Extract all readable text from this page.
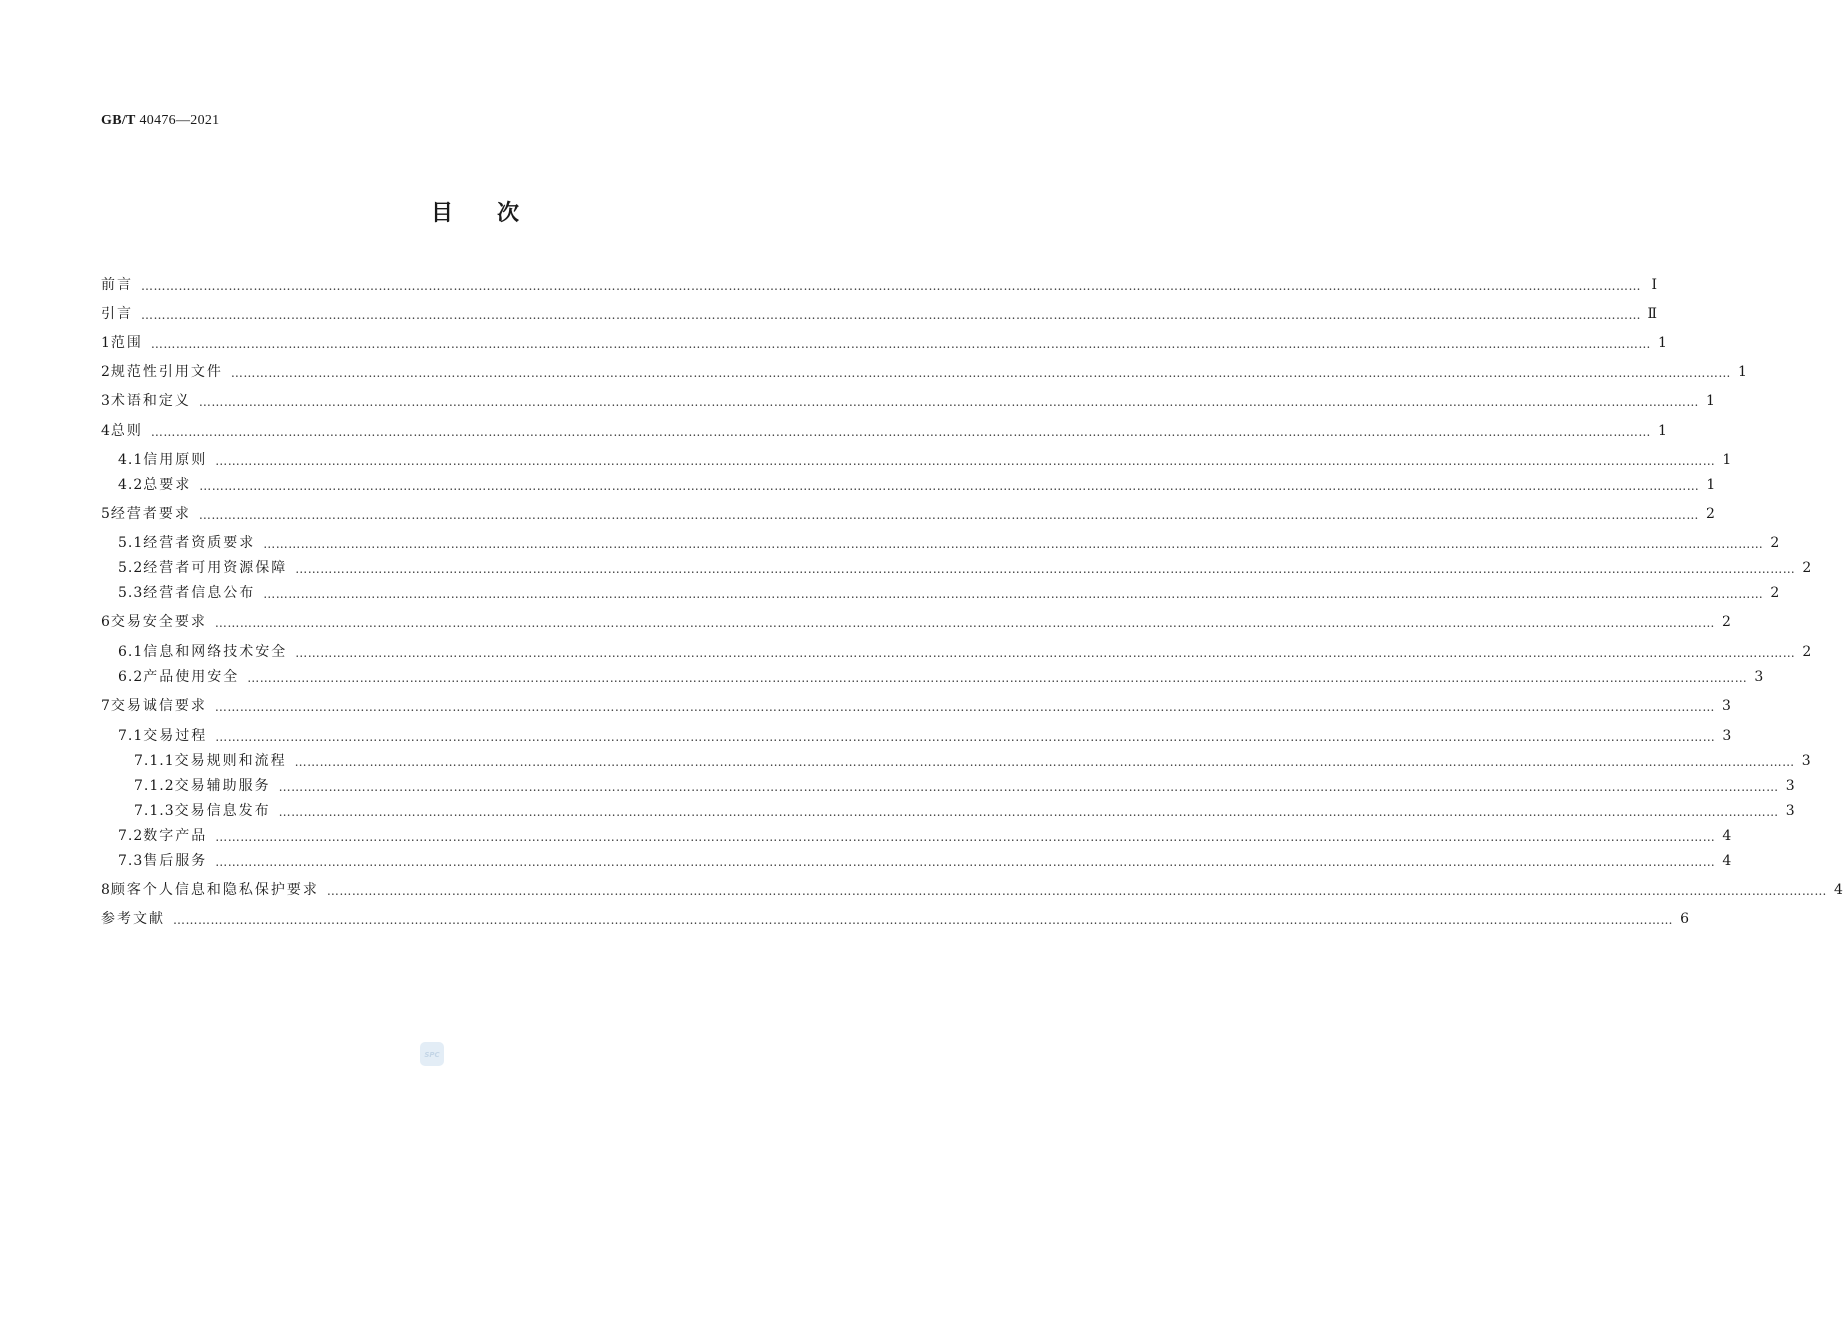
GB/T 40476—2021
目 次
前言 ……………………………………………………………………………………………………………………………………………………………………………………………………………………………………………………………………………………………………………………………… Ⅰ
引言 ……………………………………………………………………………………………………………………………………………………………………………………………………………………………………………………………………………………………………………………………… Ⅱ
1 范围 ……………………………………………………………………………………………………………………………………………………………………………………………………………………………………………………………………………………………………………………………… 1
2 规范性引用文件 ……………………………………………………………………………………………………………………………………………………………………………………………………………………………………………………………………………………………………………………………… 1
3 术语和定义 ……………………………………………………………………………………………………………………………………………………………………………………………………………………………………………………………………………………………………………………………… 1
4 总则 ……………………………………………………………………………………………………………………………………………………………………………………………………………………………………………………………………………………………………………………………… 1
4.1 信用原则 ……………………………………………………………………………………………………………………………………………………………………………………………………………………………………………………………………………………………………………………………… 1
4.2 总要求 ……………………………………………………………………………………………………………………………………………………………………………………………………………………………………………………………………………………………………………………………… 1
5 经营者要求 ……………………………………………………………………………………………………………………………………………………………………………………………………………………………………………………………………………………………………………………………… 2
5.1 经营者资质要求 ……………………………………………………………………………………………………………………………………………………………………………………………………………………………………………………………………………………………………………………………… 2
5.2 经营者可用资源保障 ……………………………………………………………………………………………………………………………………………………………………………………………………………………………………………………………………………………………………………………………… 2
5.3 经营者信息公布 ……………………………………………………………………………………………………………………………………………………………………………………………………………………………………………………………………………………………………………………………… 2
6 交易安全要求 ……………………………………………………………………………………………………………………………………………………………………………………………………………………………………………………………………………………………………………………………… 2
6.1 信息和网络技术安全 ……………………………………………………………………………………………………………………………………………………………………………………………………………………………………………………………………………………………………………………………… 2
6.2 产品使用安全 ……………………………………………………………………………………………………………………………………………………………………………………………………………………………………………………………………………………………………………………………… 3
7 交易诚信要求 ……………………………………………………………………………………………………………………………………………………………………………………………………………………………………………………………………………………………………………………………… 3
7.1 交易过程 ……………………………………………………………………………………………………………………………………………………………………………………………………………………………………………………………………………………………………………………………… 3
7.1.1 交易规则和流程 ……………………………………………………………………………………………………………………………………………………………………………………………………………………………………………………………………………………………………………………………… 3
7.1.2 交易辅助服务 ……………………………………………………………………………………………………………………………………………………………………………………………………………………………………………………………………………………………………………………………… 3
7.1.3 交易信息发布 ……………………………………………………………………………………………………………………………………………………………………………………………………………………………………………………………………………………………………………………………… 3
7.2 数字产品 ……………………………………………………………………………………………………………………………………………………………………………………………………………………………………………………………………………………………………………………………… 4
7.3 售后服务 ……………………………………………………………………………………………………………………………………………………………………………………………………………………………………………………………………………………………………………………………… 4
8 顾客个人信息和隐私保护要求 ……………………………………………………………………………………………………………………………………………………………………………………………………………………………………………………………………………………………………………………………… 4
参考文献 ……………………………………………………………………………………………………………………………………………………………………………………………………………………………………………………………………………………………………………………………… 6
SPC
